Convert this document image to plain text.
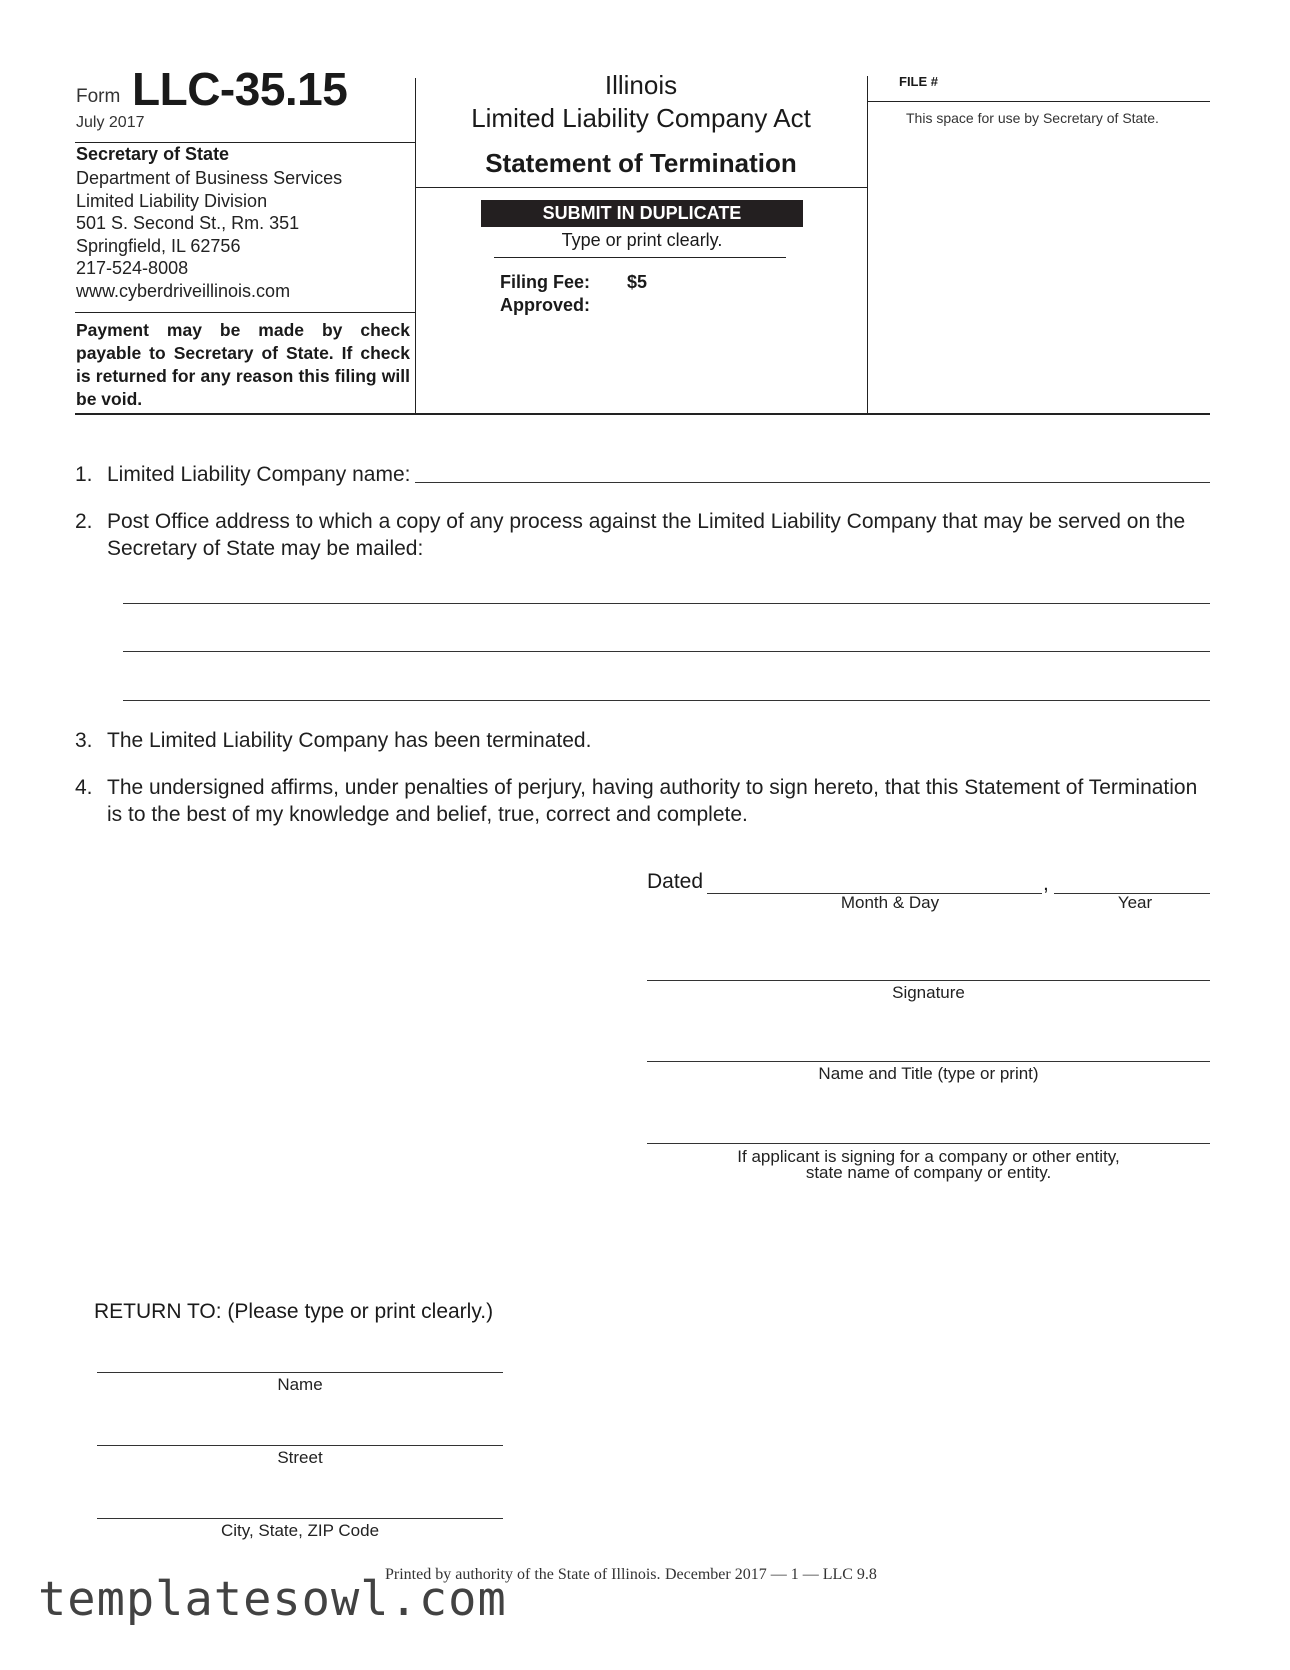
Form LLC-35.15
July 2017
Secretary of State
Department of Business Services
Limited Liability Division
501 S. Second St., Rm. 351
Springfield, IL 62756
217-524-8008
www.cyberdriveillinois.com
Payment may be made by check payable to Secretary of State. If check is returned for any reason this filing will be void.
Illinois
Limited Liability Company Act
Statement of Termination
SUBMIT IN DUPLICATE
Type or print clearly.
Filing Fee: $5
Approved:
FILE #
This space for use by Secretary of State.
1. Limited Liability Company name:
2. Post Office address to which a copy of any process against the Limited Liability Company that may be served on the Secretary of State may be mailed:
3. The Limited Liability Company has been terminated.
4. The undersigned affirms, under penalties of perjury, having authority to sign hereto, that this Statement of Termination is to the best of my knowledge and belief, true, correct and complete.
Dated	,
Month & Day	Year
Signature
Name and Title (type or print)
If applicant is signing for a company or other entity,
state name of company or entity.
RETURN TO: (Please type or print clearly.)
Name
Street
City, State, ZIP Code
Printed by authority of the State of Illinois. December 2017 — 1 — LLC 9.8
templatesowl.com
